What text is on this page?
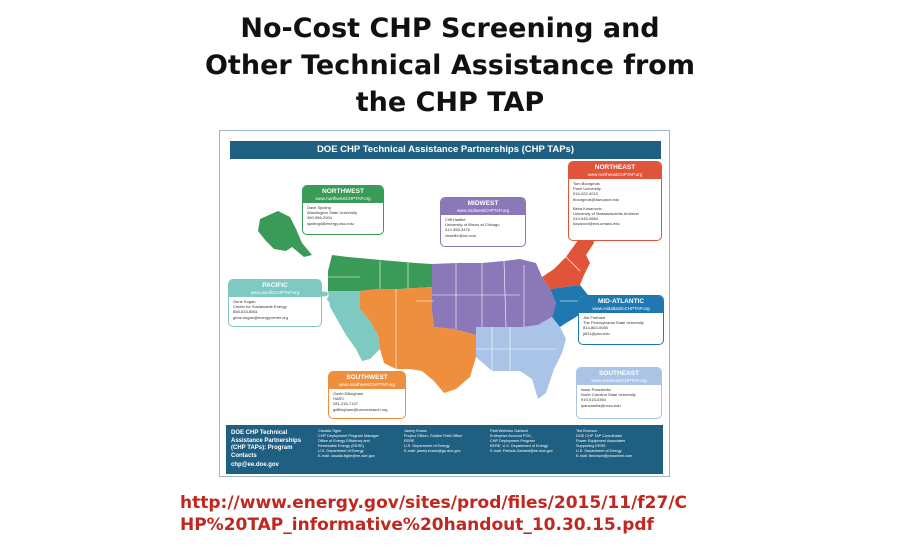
No-Cost CHP Screening and
Other Technical Assistance from
the CHP TAP
DOE CHP Technical Assistance Partnerships (CHP TAPs)
NORTHWEST
www.northwestCHPTAP.org
Dave Sjoding
Washington State University
360-956-2004
sjodingd@energy.wsu.edu
MIDWEST
www.midwestCHPTAP.org
Cliff Haefke
University of Illinois at Chicago
312-355-3476
chaefk1@uic.edu
NORTHEAST
www.northeastCHPTAP.org
Tom Bourgeois
Pace University
914-422-4013
tbourgeois@law.pace.edu
Beka Kosanovic
University of Massachusetts Amherst
413-545-0684
kosanovi@ecs.umass.edu
PACIFIC
www.pacificCHPTAP.org
Gene Kogan
Center for Sustainable Energy
858-633-8561
gene.kogan@energycenter.org
MID-ATLANTIC
www.midatlanticCHPTAP.org
Jim Freihaut
The Pennsylvania State University
814-863-0083
jdf11@psu.edu
SOUTHWEST
www.southwestCHPTAP.org
Gavin Dillingham
HARC
281-216-7147
gdillingham@harcresearch.org
SOUTHEAST
www.southeastCHPTAP.org
Isaac Panzarella
North Carolina State University
919-515-0354
ipanzarella@ncsu.edu
DOE CHP Technical Assistance Partnerships (CHP TAPs): Program Contacts
chp@ee.doe.gov
Claudia Tighe
CHP Deployment Program Manager
Office of Energy Efficiency and
Renewable Energy (EERE)
U.S. Department of Energy
E-mail: claudia.tighe@ee.doe.gov
Jamey Evans
Project Officer, Golden Field Office
EERE
U.S. Department of Energy
E-mail: jamey.evans@go.doe.gov
Patti Welesko Garland
Enterprise Account POC,
CHP Deployment Program
EERE, U.S. Department of Energy
E-mail: Patricia.Garland@ee.doe.gov
Ted Bronson
DOE CHP TAP Coordinator
Power Equipment Associates
Supporting EERE
U.S. Department of Energy
E-mail: tbronson@peaonline.com
http://www.energy.gov/sites/prod/files/2015/11/f27/C
HP%20TAP_informative%20handout_10.30.15.pdf
